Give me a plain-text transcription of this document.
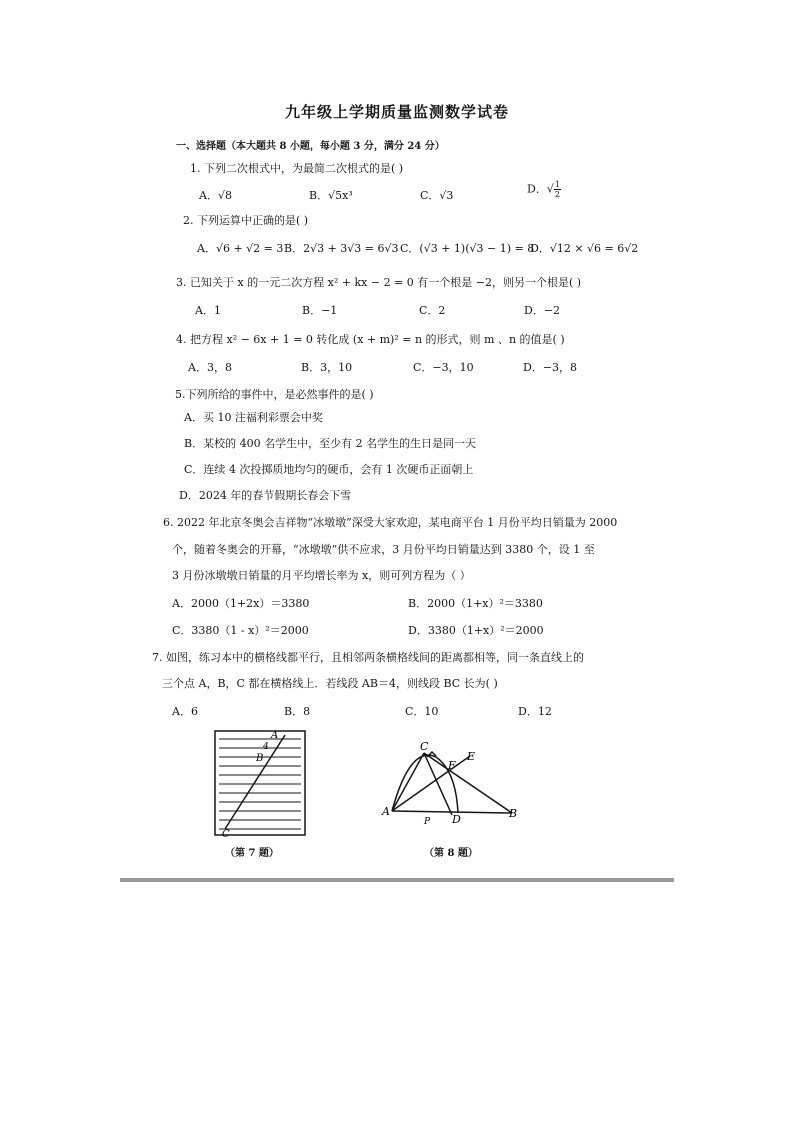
九年级上学期质量监测数学试卷
一、选择题（本大题共 8 小题，每小题 3 分，满分 24 分）
1. 下列二次根式中，为最简二次根式的是( )
A．√8	B．√5x³	C．√3	D．√ $\frac{1}{2}$
2. 下列运算中正确的是( )
A．√6 + √2 = 3 B．2√3 + 3√3 = 6√3 C．(√3 + 1)(√3 − 1) = 8
D．√12 × √6 = 6√2
3. 已知关于 x 的一元二次方程 x² + kx − 2 = 0 有一个根是 −2，则另一个根是( )
A．1	B．−1	C．2	D．−2
4. 把方程 x² − 6x + 1 = 0 转化成 (x + m)² = n 的形式，则 m 、n 的值是( )
A．3，8	B．3，10	C．−3，10	D．−3，8
5.下列所给的事件中，是必然事件的是( )
A．买 10 注福利彩票会中奖
B．某校的 400 名学生中，至少有 2 名学生的生日是同一天
C．连续 4 次投掷质地均匀的硬币，会有 1 次硬币正面朝上
D．2024 年的春节假期长春会下雪
6. 2022 年北京冬奥会吉祥物“冰墩墩”深受大家欢迎，某电商平台 1 月份平均日销量为 2000
个，随着冬奥会的开幕，“冰墩墩”供不应求，3 月份平均日销量达到 3380 个，设 1 至
3 月份冰墩墩日销量的月平均增长率为 x，则可列方程为（ ）
A．2000（1+2x）＝3380	B．2000（1+x）²＝3380
C．3380（1 - x）²＝2000	D．3380（1+x）²＝2000
7. 如图，练习本中的横格线都平行，且相邻两条横格线间的距离都相等，同一条直线上的
三个点 A，B，C 都在横格线上．若线段 AB＝4，则线段 BC 长为( )
A．6	B．8	C．10	D．12
A
4
B
C
（第 7 题）
C
E
F
A
P D	B
（第 8 题）
